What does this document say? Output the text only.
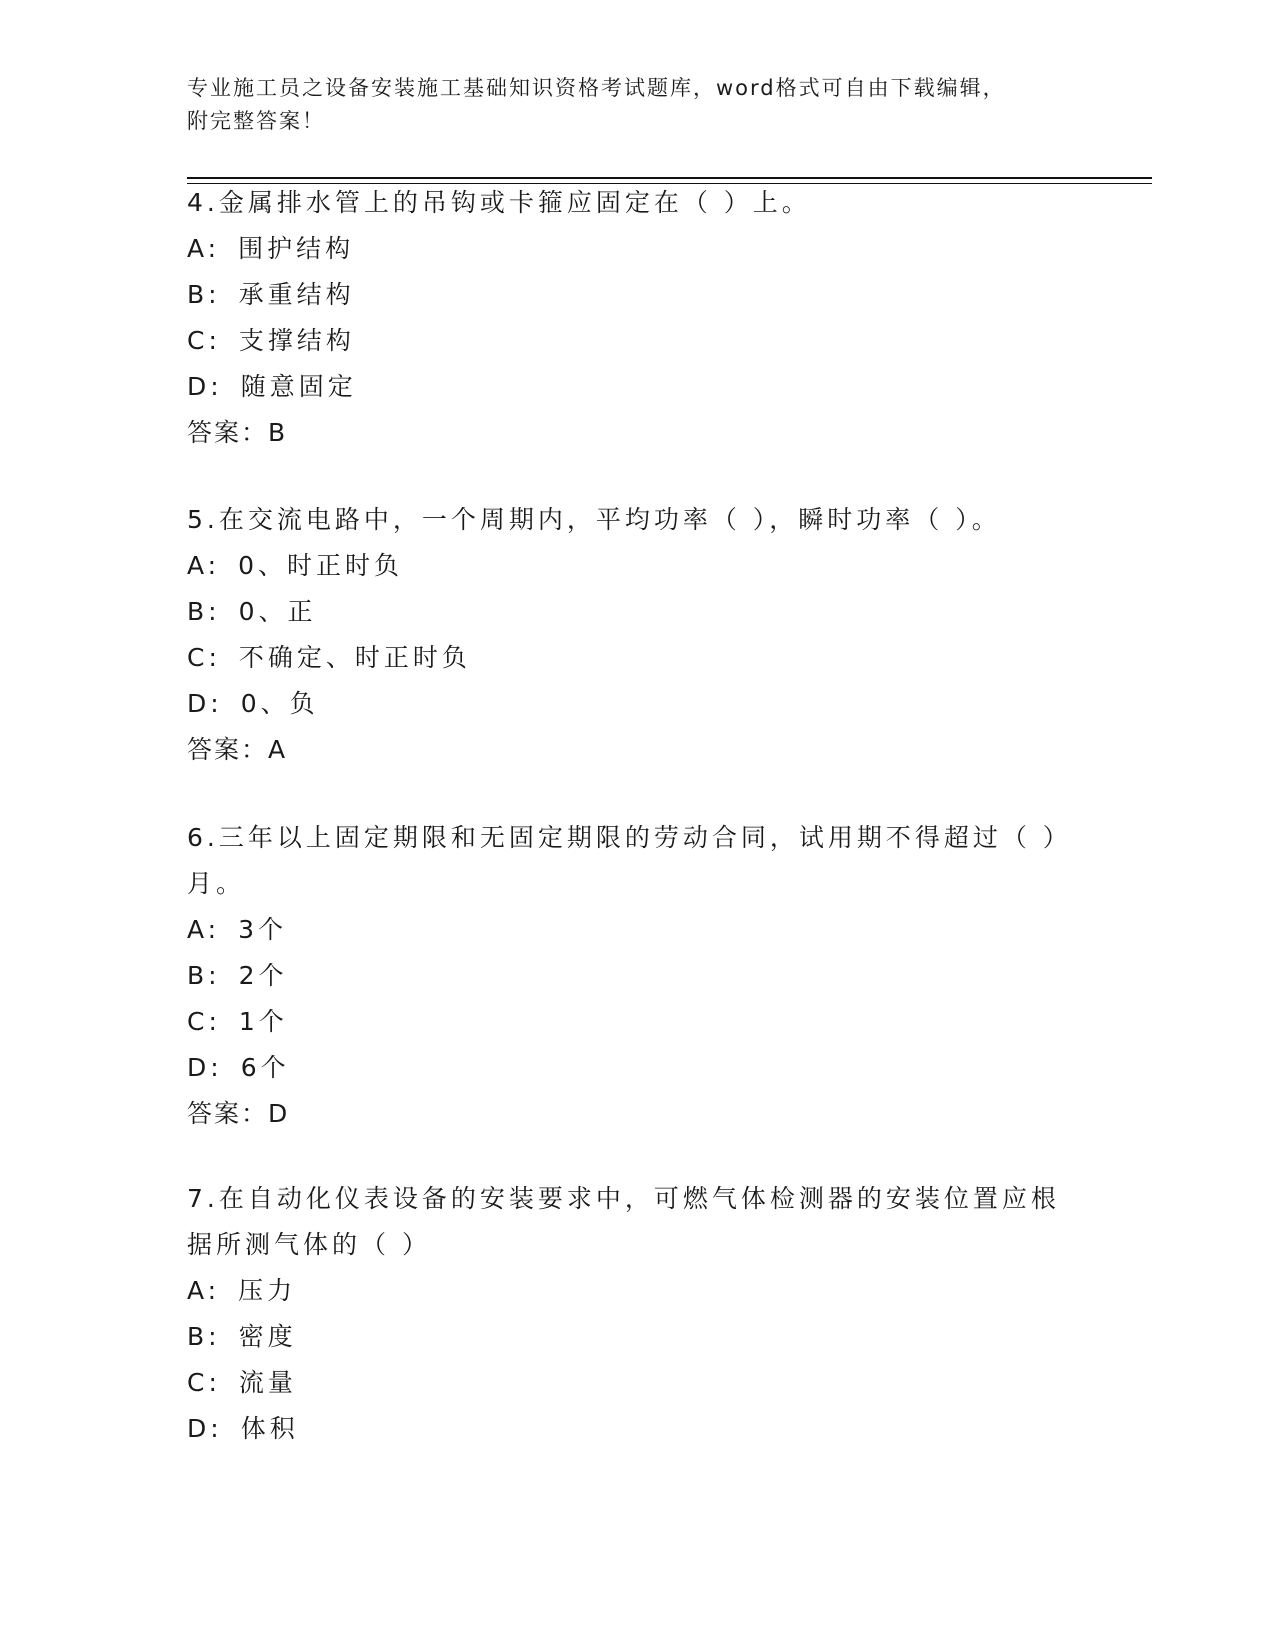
专业施工员之设备安装施工基础知识资格考试题库，word格式可自由下载编辑，
附完整答案！

4.金属排水管上的吊钩或卡箍应固定在（ ）上。

A: 围护结构

B: 承重结构

C: 支撑结构

D: 随意固定

答案：B

5.在交流电路中，一个周期内，平均功率（ ），瞬时功率（ ）。

A: 0、时正时负

B: 0、正

C: 不确定、时正时负

D: 0、负

答案：A

6.三年以上固定期限和无固定期限的劳动合同，试用期不得超过（ ）月。

A: 3个

B: 2个

C: 1个

D: 6个

答案：D

7.在自动化仪表设备的安装要求中，可燃气体检测器的安装位置应根据所测气体的（ ）

A: 压力

B: 密度

C: 流量

D: 体积
